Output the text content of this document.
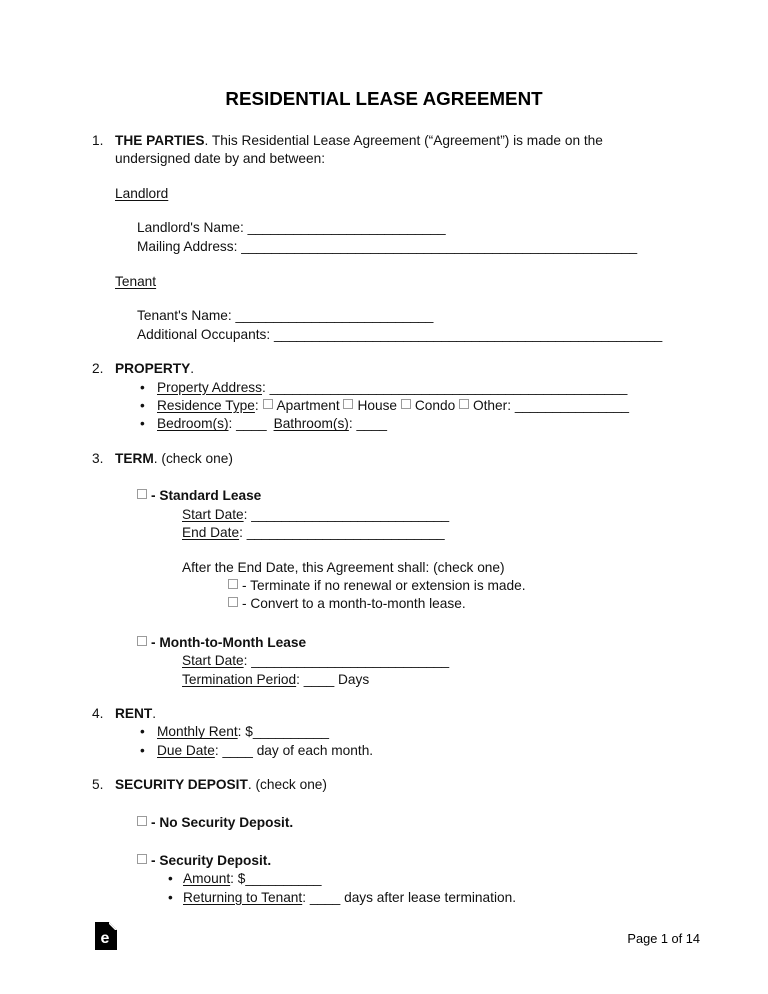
RESIDENTIAL LEASE AGREEMENT
1. THE PARTIES. This Residential Lease Agreement (“Agreement”) is made on the undersigned date by and between:

Landlord

Landlord's Name: __________________________

Mailing Address: ____________________________________________________

Tenant

Tenant's Name: __________________________

Additional Occupants: ___________________________________________________

2. PROPERTY.

• Property Address: _______________________________________________

• Residence Type: Apartment House Condo Other: _______________

• Bedroom(s): ____ Bathroom(s): ____

3. TERM. (check one)

- Standard Lease

Start Date: __________________________

End Date: __________________________

After the End Date, this Agreement shall: (check one)

- Terminate if no renewal or extension is made.

- Convert to a month-to-month lease.

- Month-to-Month Lease

Start Date: __________________________

Termination Period: ____ Days

4. RENT.

• Monthly Rent: $__________

• Due Date: ____ day of each month.

5. SECURITY DEPOSIT. (check one)

- No Security Deposit.

- Security Deposit.

• Amount: $__________

• Returning to Tenant: ____ days after lease termination.

e	Page 1 of 14
